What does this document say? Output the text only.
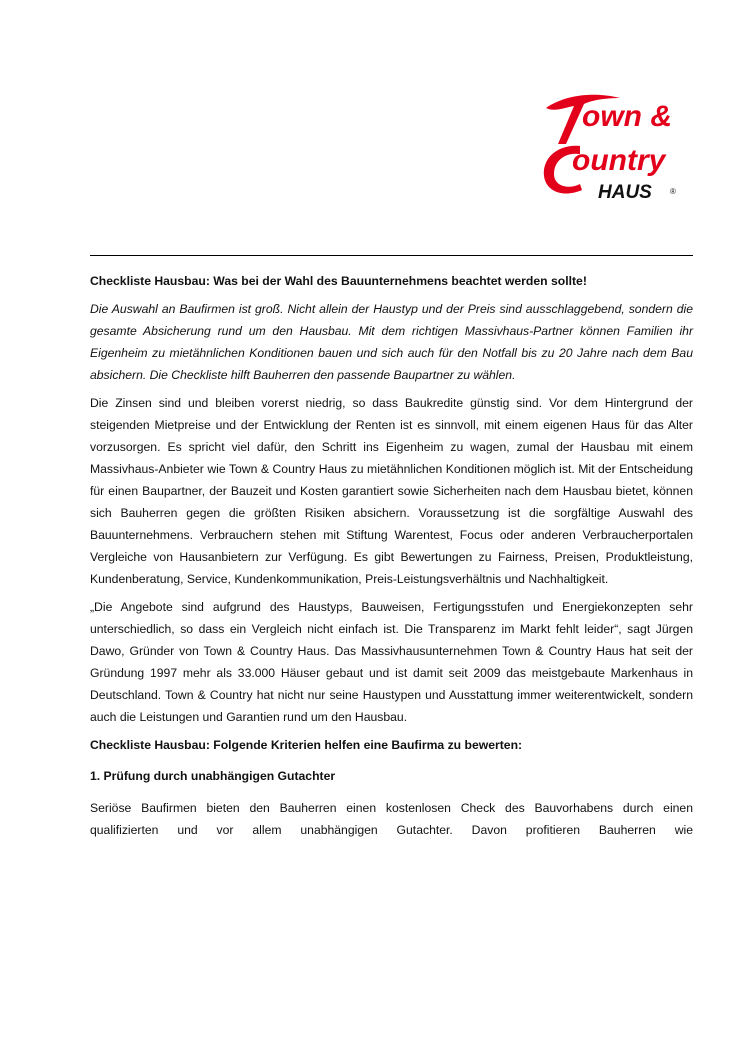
own &
ountry
HAUS ®

Checkliste Hausbau: Was bei der Wahl des Bauunternehmens beachtet werden sollte!

Die Auswahl an Baufirmen ist groß. Nicht allein der Haustyp und der Preis sind ausschlaggebend, sondern die gesamte Absicherung rund um den Hausbau. Mit dem richtigen Massivhaus-Partner können Familien ihr Eigenheim zu mietähnlichen Konditionen bauen und sich auch für den Notfall bis zu 20 Jahre nach dem Bau absichern. Die Checkliste hilft Bauherren den passende Baupartner zu wählen.

Die Zinsen sind und bleiben vorerst niedrig, so dass Baukredite günstig sind. Vor dem Hintergrund der steigenden Mietpreise und der Entwicklung der Renten ist es sinnvoll, mit einem eigenen Haus für das Alter vorzusorgen. Es spricht viel dafür, den Schritt ins Eigenheim zu wagen, zumal der Hausbau mit einem Massivhaus-Anbieter wie Town & Country Haus zu mietähnlichen Konditionen möglich ist. Mit der Entscheidung für einen Baupartner, der Bauzeit und Kosten garantiert sowie Sicherheiten nach dem Hausbau bietet, können sich Bauherren gegen die größten Risiken absichern. Voraussetzung ist die sorgfältige Auswahl des Bauunternehmens. Verbrauchern stehen mit Stiftung Warentest, Focus oder anderen Verbraucherportalen Vergleiche von Hausanbietern zur Verfügung. Es gibt Bewertungen zu Fairness, Preisen, Produktleistung, Kundenberatung, Service, Kundenkommunikation, Preis-Leistungsverhältnis und Nachhaltigkeit.

„Die Angebote sind aufgrund des Haustyps, Bauweisen, Fertigungsstufen und Energiekonzepten sehr unterschiedlich, so dass ein Vergleich nicht einfach ist. Die Transparenz im Markt fehlt leider“, sagt Jürgen Dawo, Gründer von Town & Country Haus. Das Massivhausunternehmen Town & Country Haus hat seit der Gründung 1997 mehr als 33.000 Häuser gebaut und ist damit seit 2009 das meistgebaute Markenhaus in Deutschland. Town & Country hat nicht nur seine Haustypen und Ausstattung immer weiterentwickelt, sondern auch die Leistungen und Garantien rund um den Hausbau.

Checkliste Hausbau: Folgende Kriterien helfen eine Baufirma zu bewerten:

1. Prüfung durch unabhängigen Gutachter

Seriöse Baufirmen bieten den Bauherren einen kostenlosen Check des Bauvorhabens durch einen qualifizierten und vor allem unabhängigen Gutachter. Davon profitieren Bauherren wie
